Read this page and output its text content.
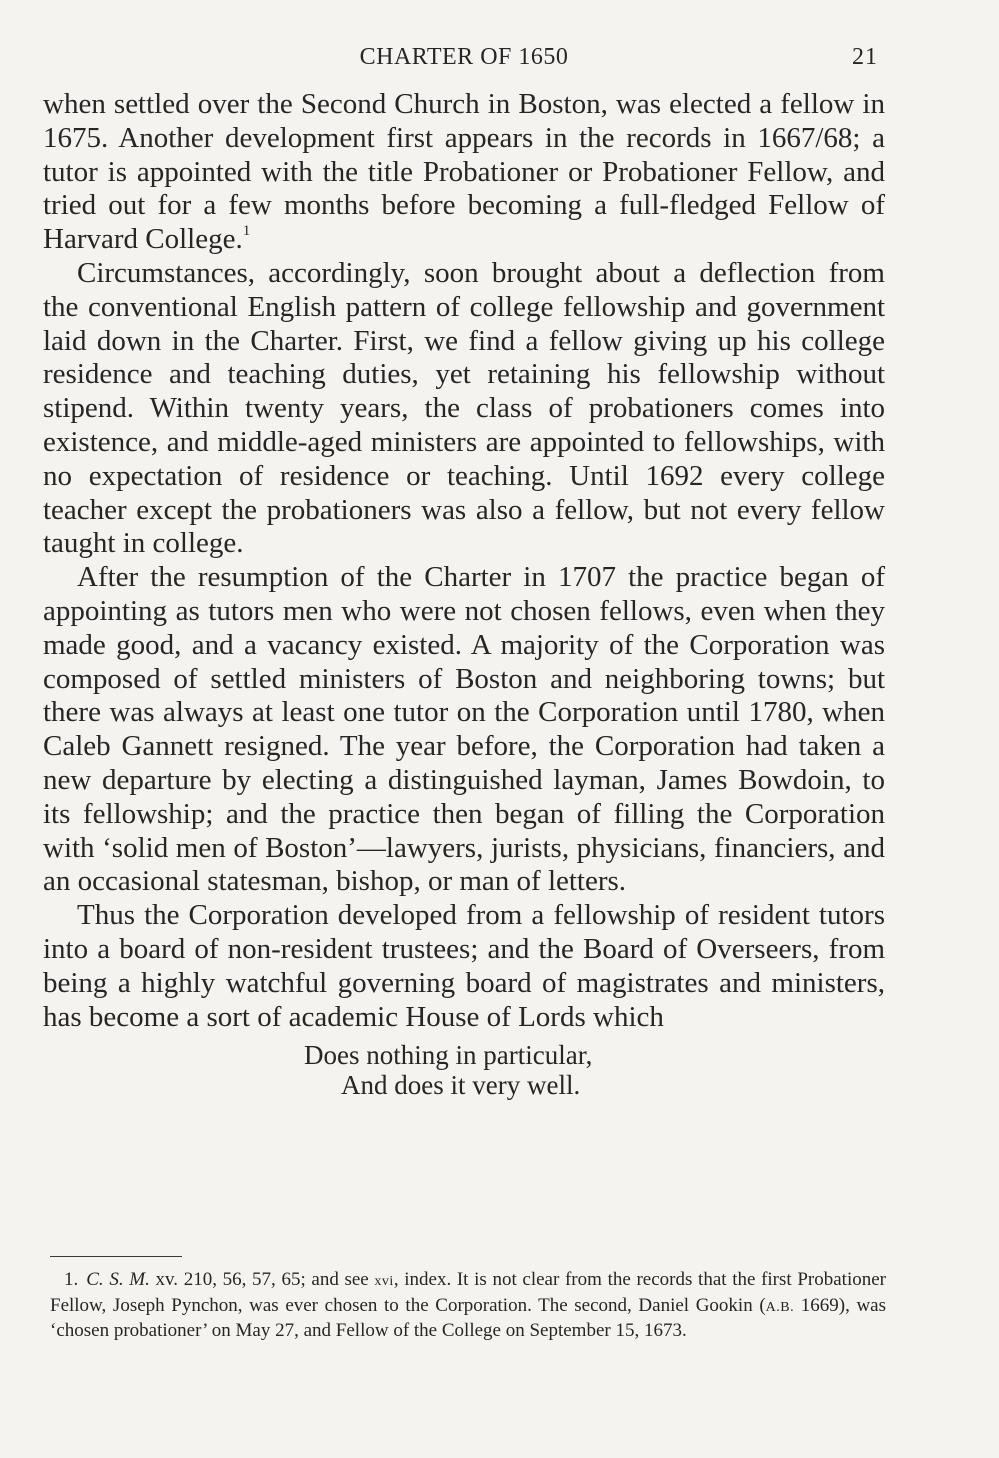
CHARTER OF 1650	21

when settled over the Second Church in Boston, was elected a fellow in 1675. Another development first appears in the records in 1667/68; a tutor is appointed with the title Probationer or Probationer Fellow, and tried out for a few months before becoming a full-fledged Fellow of Harvard College.$^1$

Circumstances, accordingly, soon brought about a deflection from the conventional English pattern of college fellowship and government laid down in the Charter. First, we find a fellow giving up his college residence and teaching duties, yet retaining his fellowship without stipend. Within twenty years, the class of probationers comes into existence, and middle-aged ministers are appointed to fellowships, with no expectation of residence or teaching. Until 1692 every college teacher except the probationers was also a fellow, but not every fellow taught in college.

After the resumption of the Charter in 1707 the practice began of appointing as tutors men who were not chosen fellows, even when they made good, and a vacancy existed. A majority of the Corporation was composed of settled ministers of Boston and neighboring towns; but there was always at least one tutor on the Corporation until 1780, when Caleb Gannett resigned. The year before, the Corporation had taken a new departure by electing a distinguished layman, James Bowdoin, to its fellowship; and the practice then began of filling the Corporation with ‘solid men of Boston’—lawyers, jurists, physicians, financiers, and an occasional statesman, bishop, or man of letters.

Thus the Corporation developed from a fellowship of resident tutors into a board of non-resident trustees; and the Board of Overseers, from being a highly watchful governing board of magistrates and ministers, has become a sort of academic House of Lords which

Does nothing in particular,
And does it very well.
1. C. S. M. xv. 210, 56, 57, 65; and see xvi, index. It is not clear from the records that the first Probationer Fellow, Joseph Pynchon, was ever chosen to the Corporation. The second, Daniel Gookin (A.B. 1669), was ‘chosen probationer’ on May 27, and Fellow of the College on September 15, 1673.
